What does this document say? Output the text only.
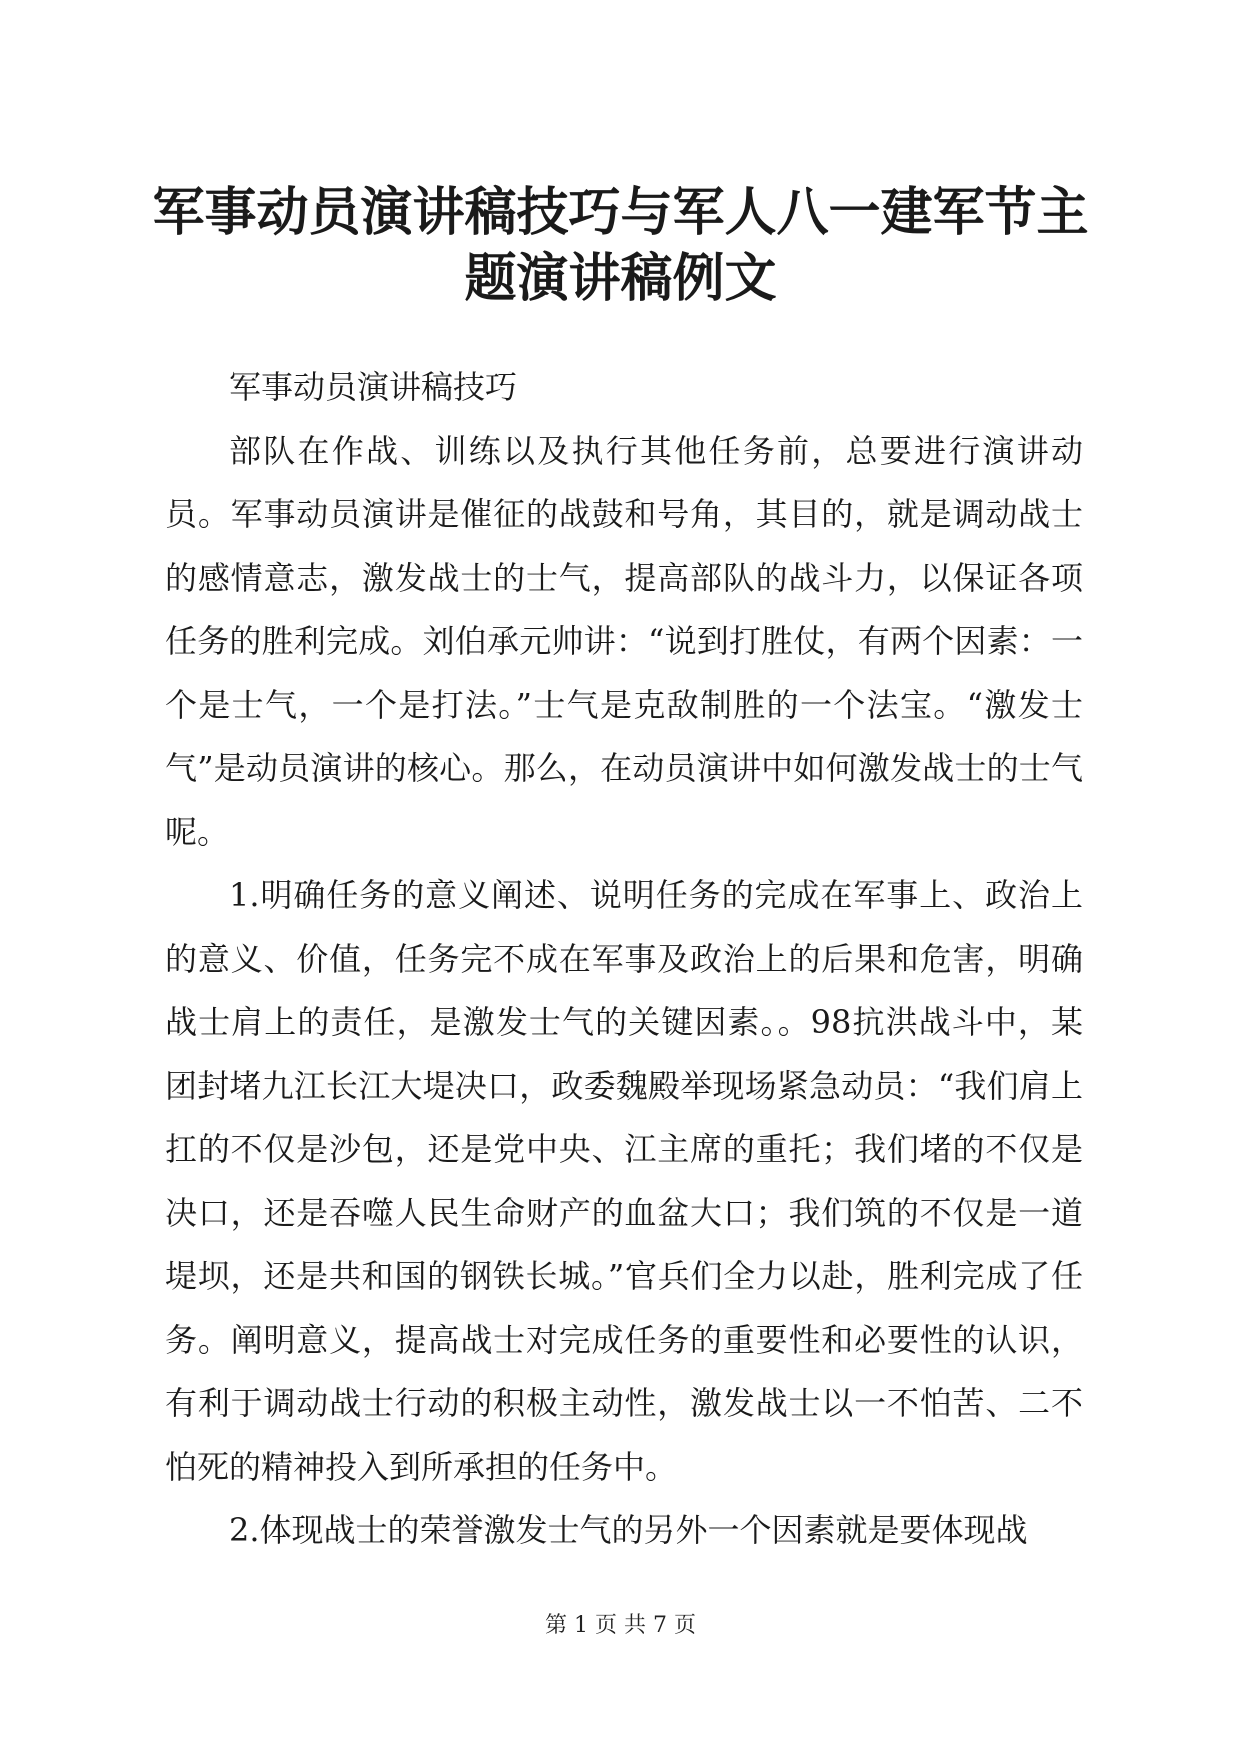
军事动员演讲稿技巧与军人八一建军节主题演讲稿例文

军事动员演讲稿技巧

部队在作战、训练以及执行其他任务前，总要进行演讲动员。军事动员演讲是催征的战鼓和号角，其目的，就是调动战士的感情意志，激发战士的士气，提高部队的战斗力，以保证各项任务的胜利完成。刘伯承元帅讲：“说到打胜仗，有两个因素：一个是士气，一个是打法。”士气是克敌制胜的一个法宝。“激发士气”是动员演讲的核心。那么，在动员演讲中如何激发战士的士气呢。

1.明确任务的意义阐述、说明任务的完成在军事上、政治上的意义、价值，任务完不成在军事及政治上的后果和危害，明确战士肩上的责任，是激发士气的关键因素。。98抗洪战斗中，某团封堵九江长江大堤决口，政委魏殿举现场紧急动员：“我们肩上扛的不仅是沙包，还是党中央、江主席的重托；我们堵的不仅是决口，还是吞噬人民生命财产的血盆大口；我们筑的不仅是一道堤坝，还是共和国的钢铁长城。”官兵们全力以赴，胜利完成了任务。阐明意义，提高战士对完成任务的重要性和必要性的认识，有利于调动战士行动的积极主动性，激发战士以一不怕苦、二不怕死的精神投入到所承担的任务中。

2.体现战士的荣誉激发士气的另外一个因素就是要体现战

第 1 页 共 7 页
